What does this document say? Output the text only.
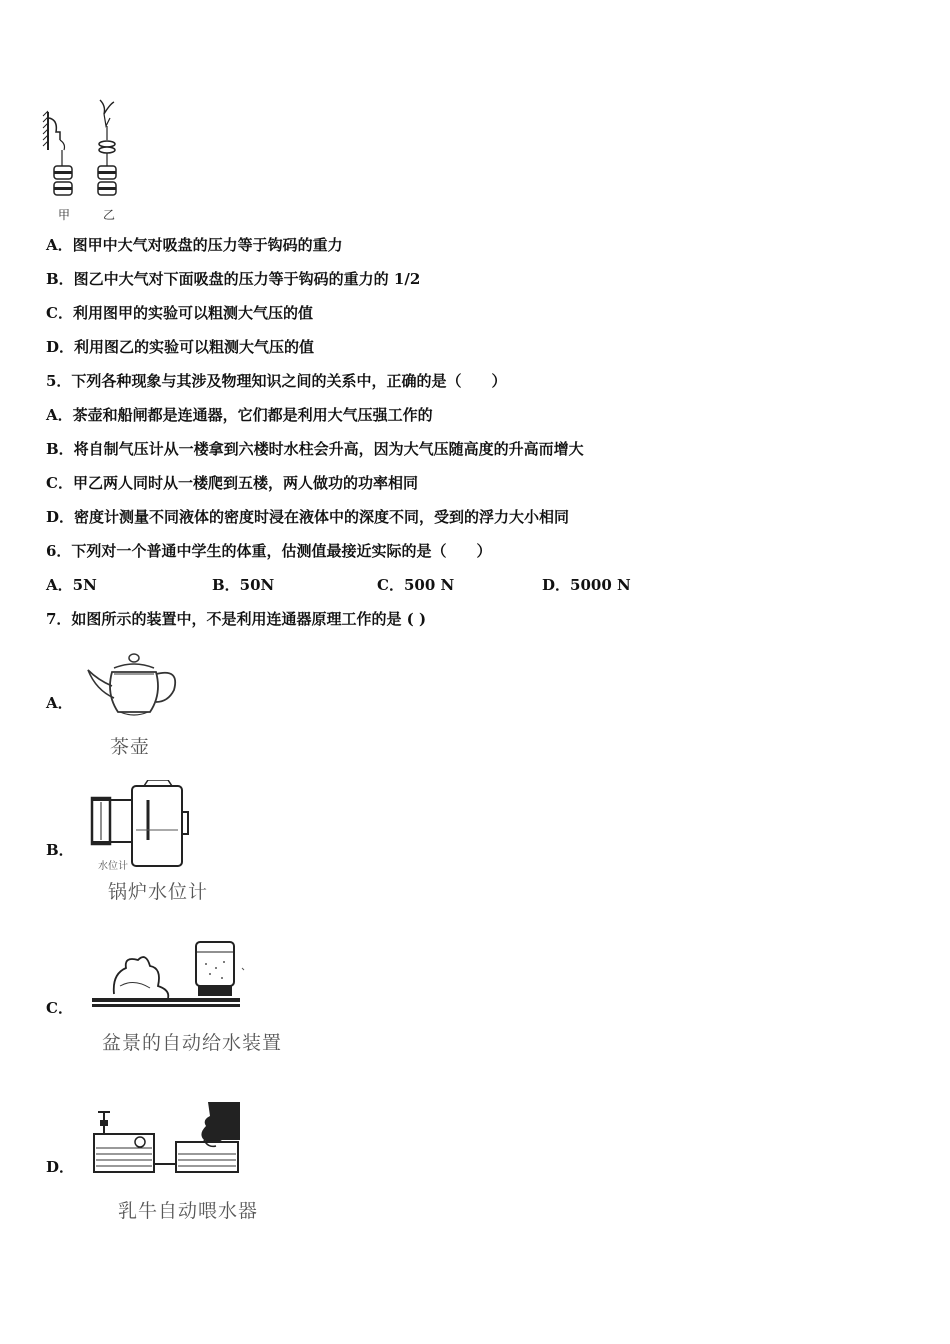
甲	乙
A．图甲中大气对吸盘的压力等于钩码的重力
B．图乙中大气对下面吸盘的压力等于钩码的重力的 1/2
C．利用图甲的实验可以粗测大气压的值
D．利用图乙的实验可以粗测大气压的值
5．下列各种现象与其涉及物理知识之间的关系中，正确的是（　　）
A．茶壶和船闸都是连通器，它们都是利用大气压强工作的
B．将自制气压计从一楼拿到六楼时水柱会升高，因为大气压随高度的升高而增大
C．甲乙两人同时从一楼爬到五楼，两人做功的功率相同
D．密度计测量不同液体的密度时浸在液体中的深度不同，受到的浮力大小相同
6．下列对一个普通中学生的体重，估测值最接近实际的是（　　）
A．5N	B．50N	C．500 N	D．5000 N
7．如图所示的装置中，不是利用连通器原理工作的是 ( )
A．
茶壶
B．
水位计
锅炉水位计
C．
盆景的自动给水装置
D．
乳牛自动喂水器
